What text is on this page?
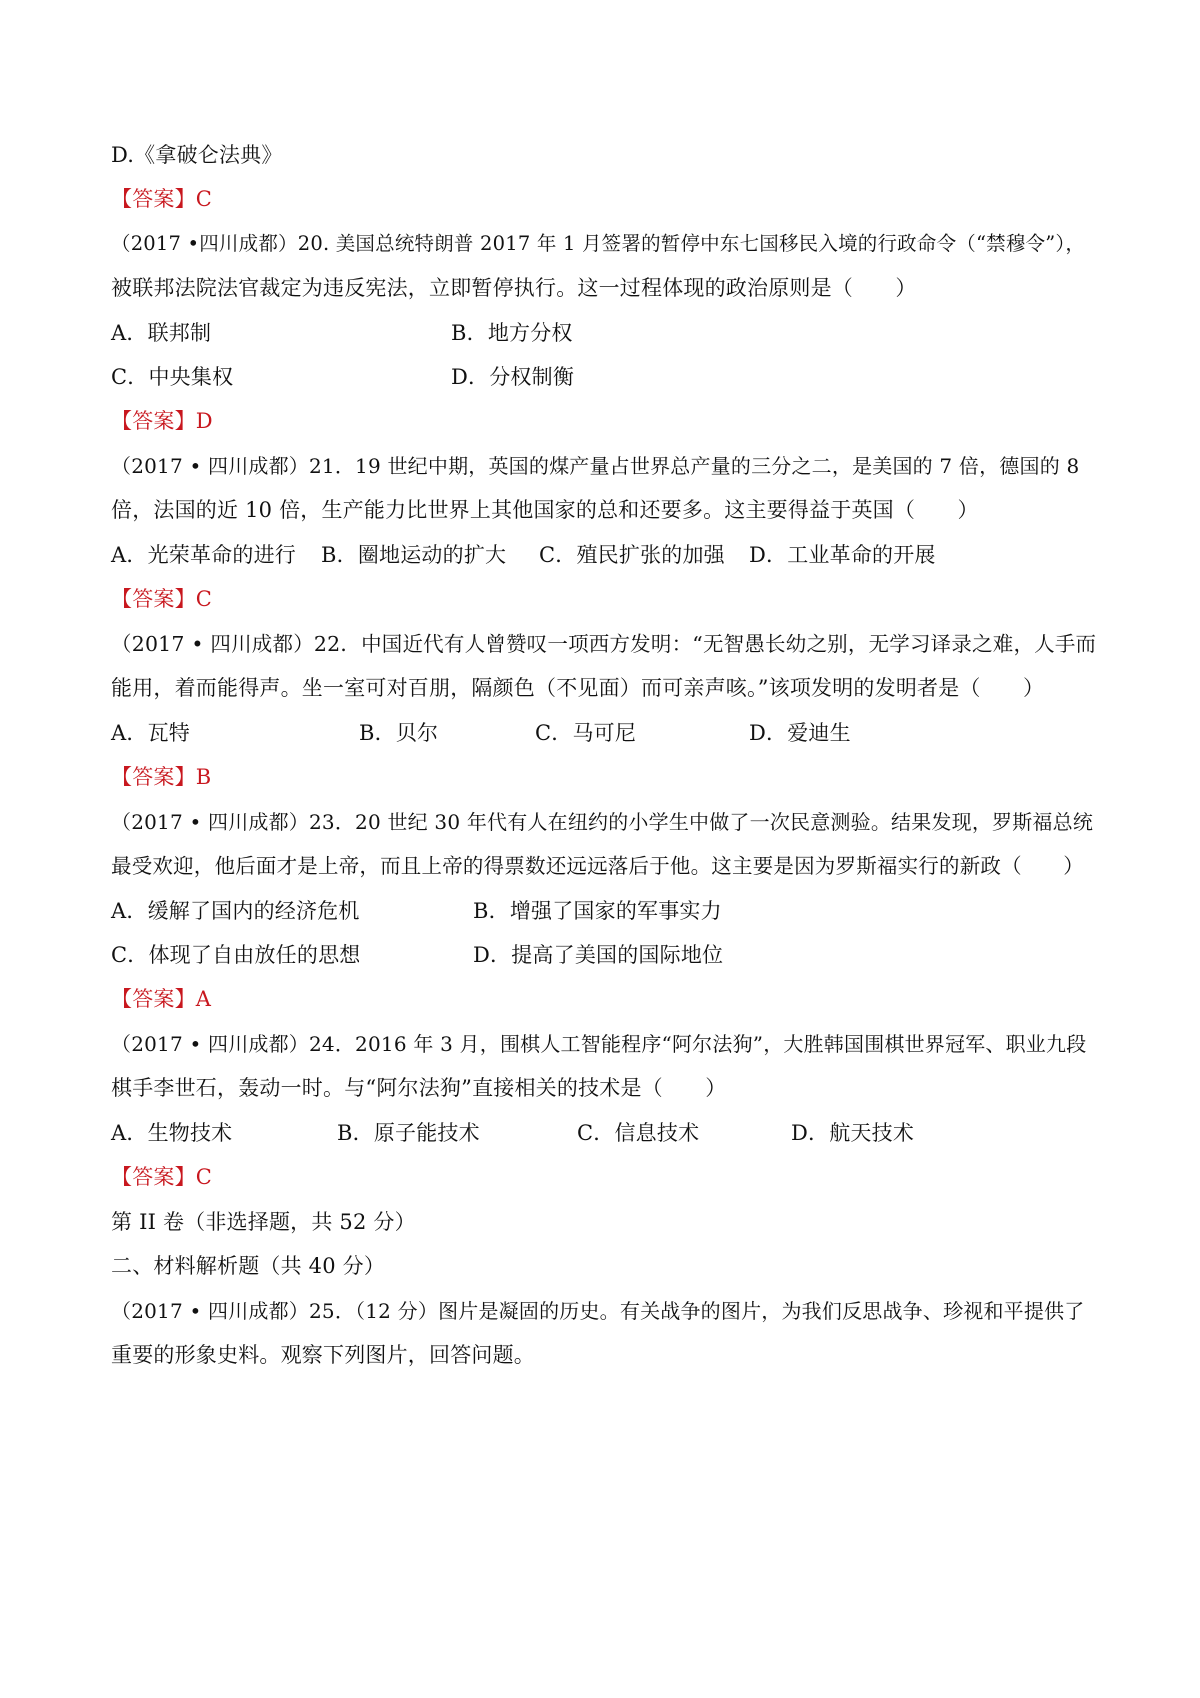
D.《拿破仑法典》
【答案】C
（2017 •四川成都）20. 美国总统特朗普 2017 年 1 月签署的暂停中东七国移民入境的行政命令（“禁穆令”），
被联邦法院法官裁定为违反宪法，立即暂停执行。这一过程体现的政治原则是（　　）
A．联邦制	B．地方分权
C．中央集权	D．分权制衡
【答案】D
（2017 • 四川成都）21．19 世纪中期，英国的煤产量占世界总产量的三分之二，是美国的 7 倍，德国的 8
倍，法国的近 10 倍，生产能力比世界上其他国家的总和还要多。这主要得益于英国（　　）
A．光荣革命的进行 B．圈地运动的扩大 C．殖民扩张的加强 D．工业革命的开展
【答案】C
（2017 • 四川成都）22．中国近代有人曾赞叹一项西方发明：“无智愚长幼之别，无学习译录之难，人手而
能用，着而能得声。坐一室可对百朋，隔颜色（不见面）而可亲声咳。”该项发明的发明者是（　　）
A．瓦特	B．贝尔	C．马可尼	D．爱迪生
【答案】B
（2017 • 四川成都）23．20 世纪 30 年代有人在纽约的小学生中做了一次民意测验。结果发现，罗斯福总统
最受欢迎，他后面才是上帝，而且上帝的得票数还远远落后于他。这主要是因为罗斯福实行的新政（　　）
A．缓解了国内的经济危机	B．增强了国家的军事实力
C．体现了自由放任的思想	D．提高了美国的国际地位
【答案】A
（2017 • 四川成都）24．2016 年 3 月，围棋人工智能程序“阿尔法狗”，大胜韩国围棋世界冠军、职业九段
棋手李世石，轰动一时。与“阿尔法狗”直接相关的技术是（　　）
A．生物技术	B．原子能技术	C．信息技术	D．航天技术
【答案】C
第 II 卷（非选择题，共 52 分）
二、材料解析题（共 40 分）
（2017 • 四川成都）25．（12 分）图片是凝固的历史。有关战争的图片，为我们反思战争、珍视和平提供了
重要的形象史料。观察下列图片，回答问题。
